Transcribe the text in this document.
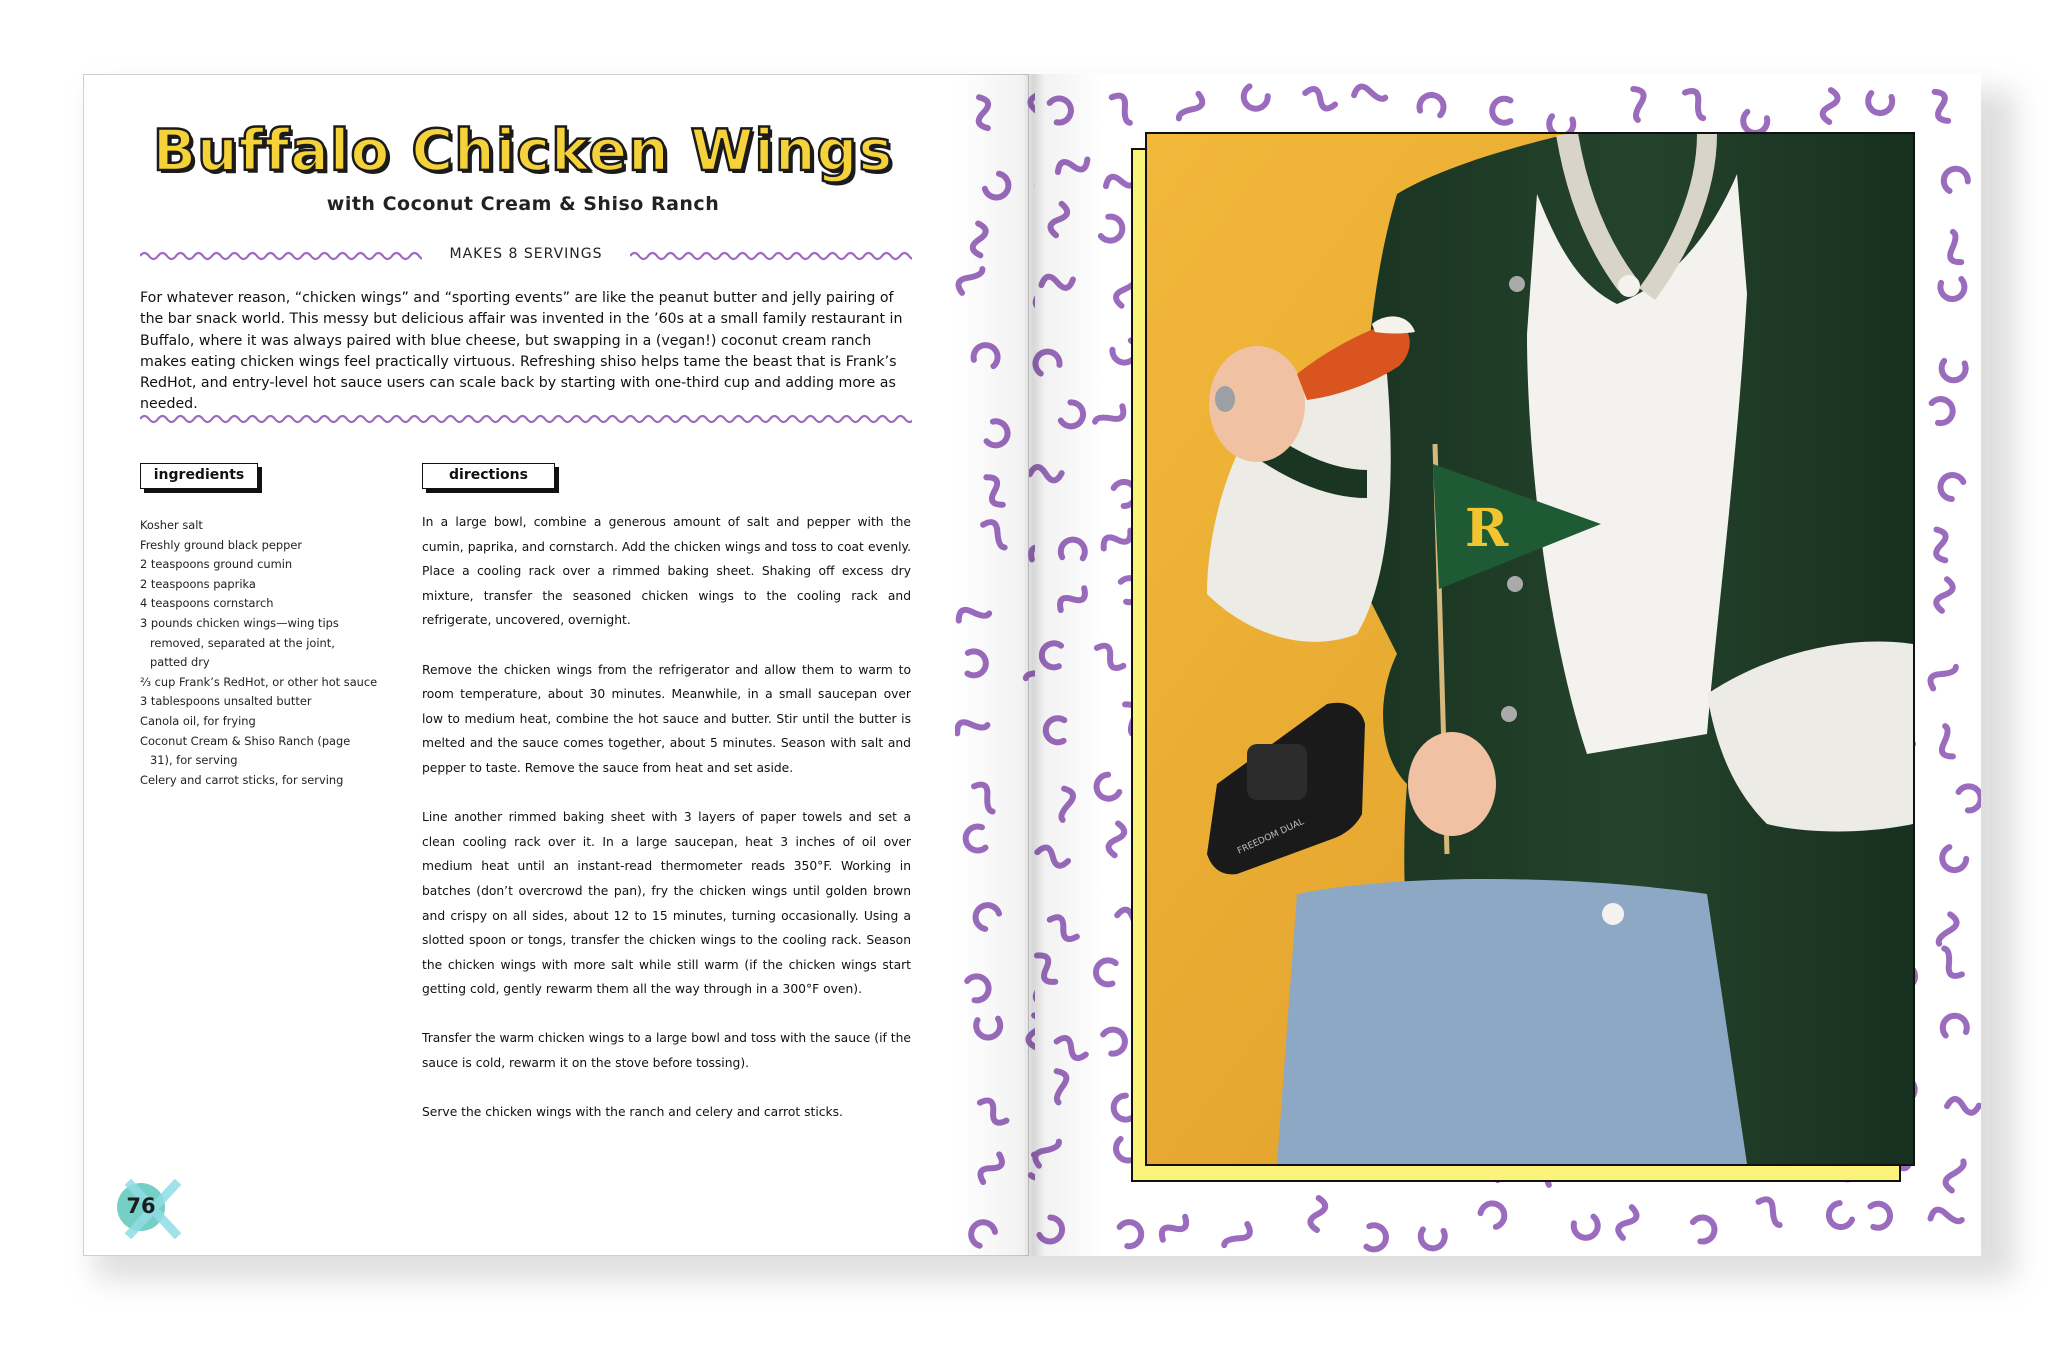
Buffalo Chicken Wings
with Coconut Cream & Shiso Ranch
MAKES 8 SERVINGS
For whatever reason, “chicken wings” and “sporting events” are like the peanut butter and jelly pairing of the bar snack world. This messy but delicious affair was invented in the ’60s at a small family restaurant in Buffalo, where it was always paired with blue cheese, but swapping in a (vegan!) coconut cream ranch makes eating chicken wings feel practically virtuous. Refreshing shiso helps tame the beast that is Frank’s RedHot, and entry-level hot sauce users can scale back by starting with one-third cup and adding more as needed.
ingredients	directions
Kosher salt
Freshly ground black pepper
2 teaspoons ground cumin
2 teaspoons paprika
4 teaspoons cornstarch
3 pounds chicken wings—wing tips removed, separated at the joint, patted dry
⅔ cup Frank’s RedHot, or other hot sauce
3 tablespoons unsalted butter
Canola oil, for frying
Coconut Cream & Shiso Ranch (page 31), for serving
Celery and carrot sticks, for serving

In a large bowl, combine a generous amount of salt and pepper with the cumin, paprika, and cornstarch. Add the chicken wings and toss to coat evenly. Place a cooling rack over a rimmed baking sheet. Shaking off excess dry mixture, transfer the seasoned chicken wings to the cooling rack and refrigerate, uncovered, overnight.

Remove the chicken wings from the refrigerator and allow them to warm to room temperature, about 30 minutes. Meanwhile, in a small saucepan over low to medium heat, combine the hot sauce and butter. Stir until the butter is melted and the sauce comes together, about 5 minutes. Season with salt and pepper to taste. Remove the sauce from heat and set aside.

Line another rimmed baking sheet with 3 layers of paper towels and set a clean cooling rack over it. In a large saucepan, heat 3 inches of oil over medium heat until an instant-read thermometer reads 350°F. Working in batches (don’t overcrowd the pan), fry the chicken wings until golden brown and crispy on all sides, about 12 to 15 minutes, turning occasionally. Using a slotted spoon or tongs, transfer the chicken wings to the cooling rack. Season the chicken wings with more salt while still warm (if the chicken wings start getting cold, gently rewarm them all the way through in a 300°F oven).

Transfer the warm chicken wings to a large bowl and toss with the sauce (if the sauce is cold, rewarm it on the stove before tossing).

Serve the chicken wings with the ranch and celery and carrot sticks.

76
R
FREEDOM DUAL
